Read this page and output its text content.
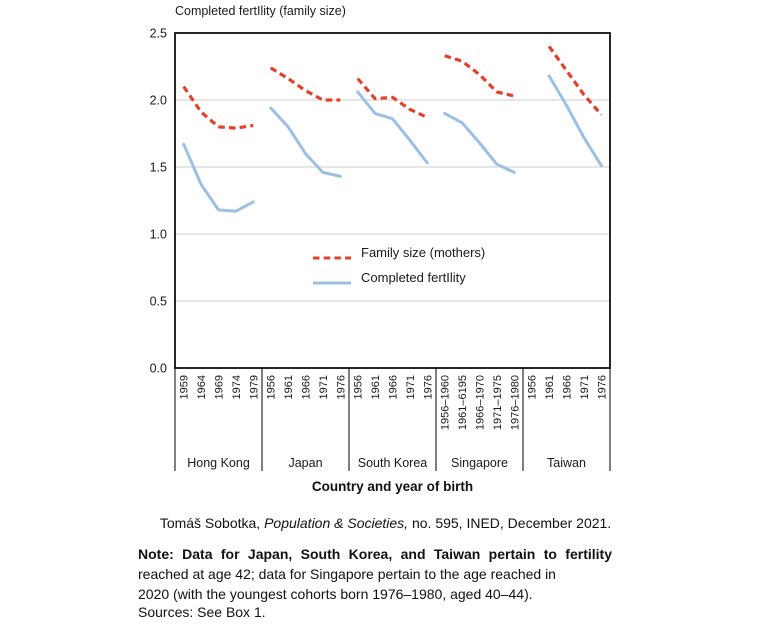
Completed fertIlity (family size)
0.0
0.5
1.0
1.5
2.0
2.5
1959 1964 1969 1974 1979
Hong Kong
1956 1961 1966 1971 1976
Japan
1956 1961 1966 1971 1976
South Korea
1956–1960 1961–6195 1966–1970 1971–1975 1976–1980
Singapore
1956 1961 1966 1971 1976
Taiwan
Family size (mothers)
Completed fertIlity
Country and year of birth
Tomáš Sobotka, Population & Societies, no. 595, INED, December 2021.
Note: Data for Japan, South Korea, and Taiwan pertain to fertility
reached at age 42; data for Singapore pertain to the age reached in
2020 (with the youngest cohorts born 1976–1980, aged 40–44).
Sources: See Box 1.
